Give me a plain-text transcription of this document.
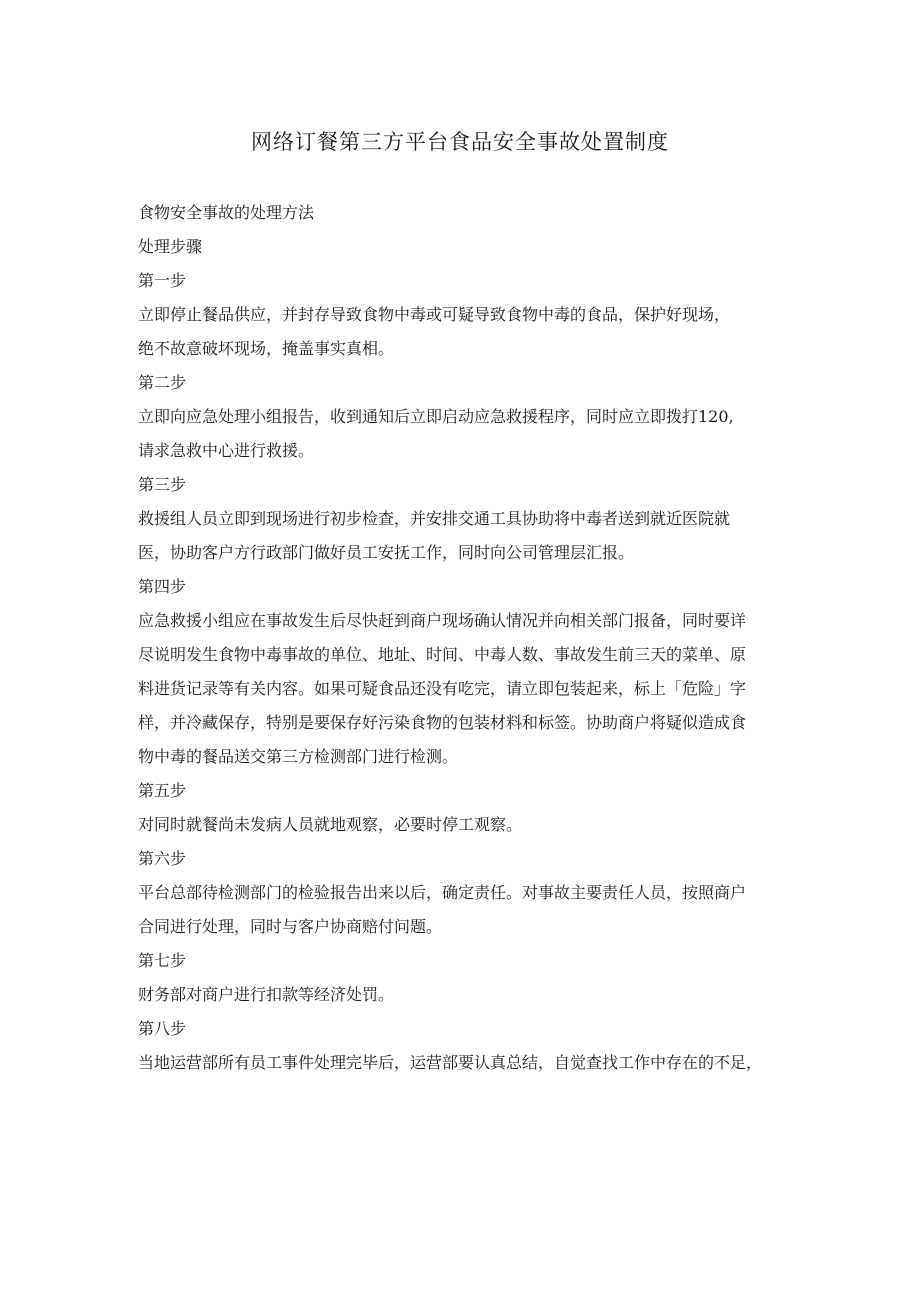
网络订餐第三方平台食品安全事故处置制度

食物安全事故的处理方法

处理步骤

第一步

立即停止餐品供应，并封存导致食物中毒或可疑导致食物中毒的食品，保护好现场，

绝不故意破坏现场，掩盖事实真相。

第二步

立即向应急处理小组报告，收到通知后立即启动应急救援程序，同时应立即拨打120,

请求急救中心进行救援。

第三步

救援组人员立即到现场进行初步检查，并安排交通工具协助将中毒者送到就近医院就

医，协助客户方行政部门做好员工安抚工作，同时向公司管理层汇报。

第四步

应急救援小组应在事故发生后尽快赶到商户现场确认情况并向相关部门报备，同时要详

尽说明发生食物中毒事故的单位、地址、时间、中毒人数、事故发生前三天的菜单、原

料进货记录等有关内容。如果可疑食品还没有吃完，请立即包装起来，标上「危险」字

样，并冷藏保存，特别是要保存好污染食物的包装材料和标签。协助商户将疑似造成食

物中毒的餐品送交第三方检测部门进行检测。

第五步

对同时就餐尚未发病人员就地观察，必要时停工观察。

第六步

平台总部待检测部门的检验报告出来以后，确定责任。对事故主要责任人员，按照商户

合同进行处理，同时与客户协商赔付问题。

第七步

财务部对商户进行扣款等经济处罚。

第八步

当地运营部所有员工事件处理完毕后，运营部要认真总结，自觉查找工作中存在的不足，
